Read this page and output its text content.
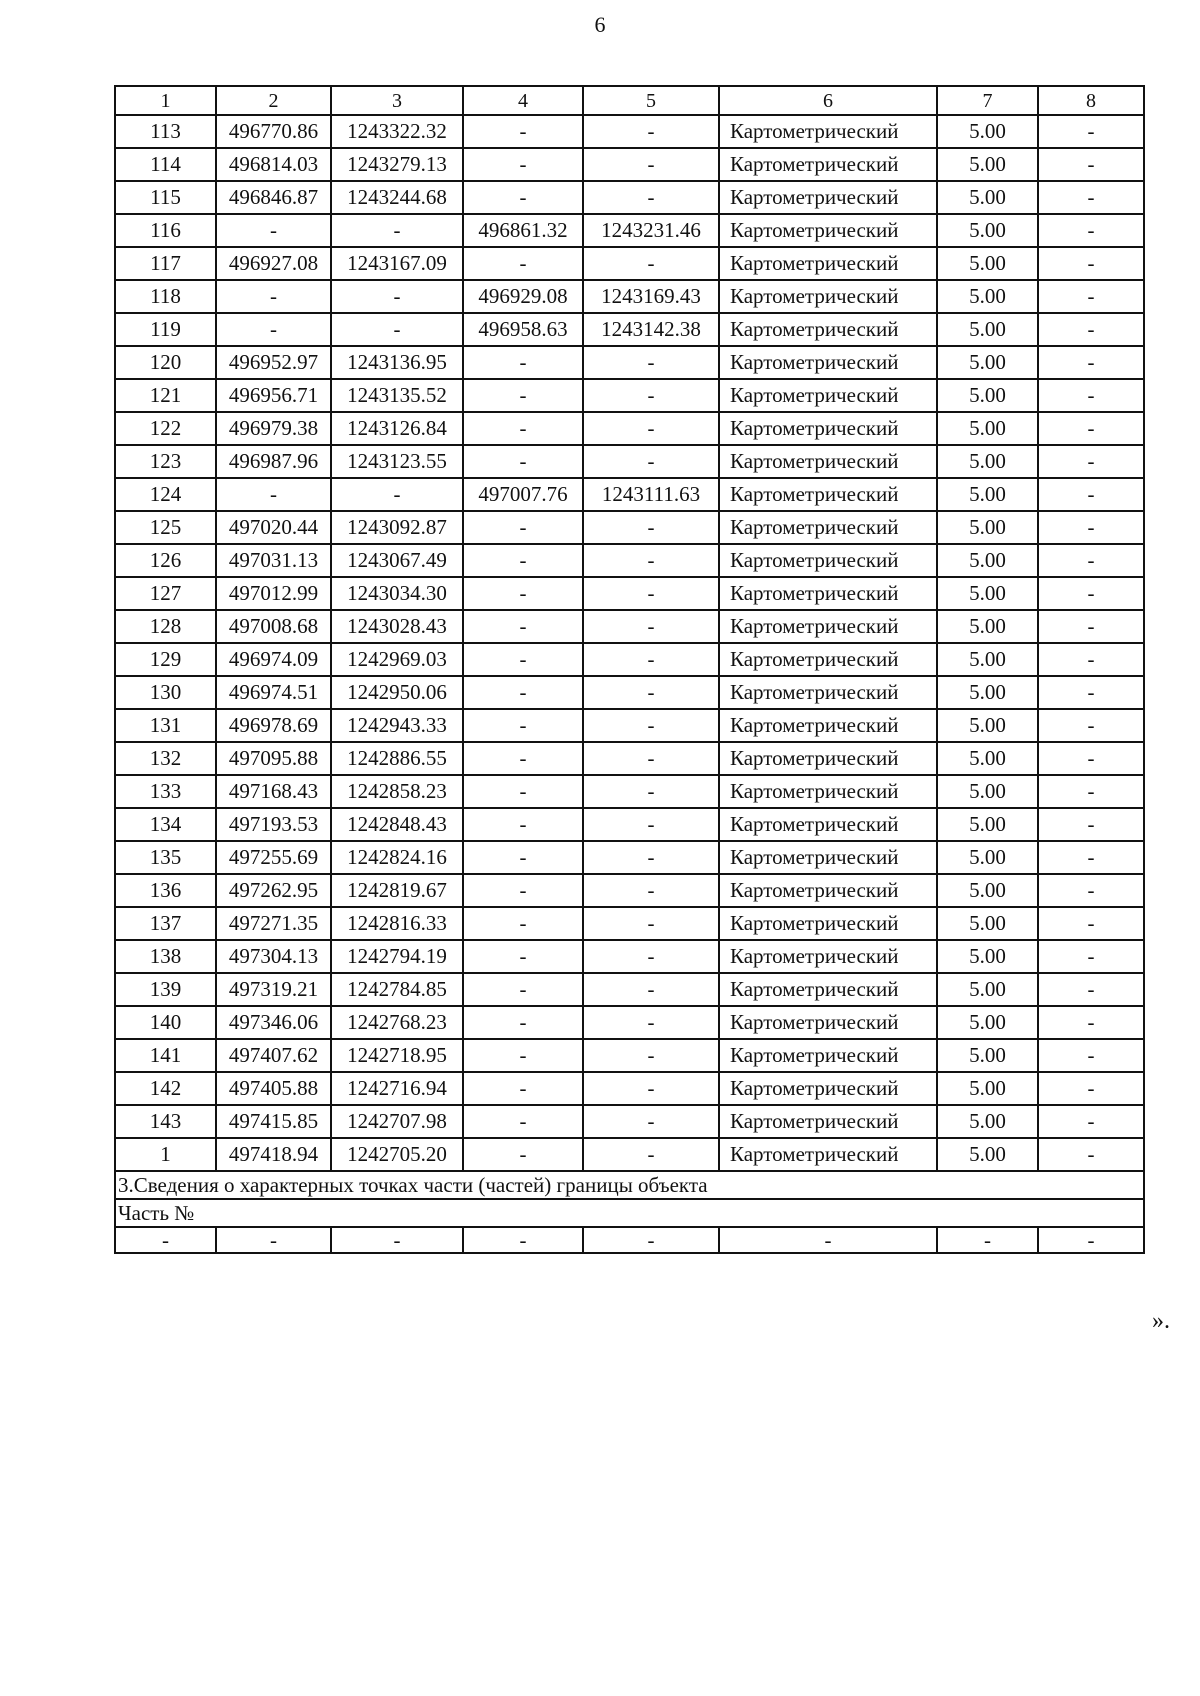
6
1	2	3	4	5	6	7	8
113	496770.86	1243322.32	-	-	Картометрический	5.00	-
114	496814.03	1243279.13	-	-	Картометрический	5.00	-
115	496846.87	1243244.68	-	-	Картометрический	5.00	-
116	-	-	496861.32	1243231.46	Картометрический	5.00	-
117	496927.08	1243167.09	-	-	Картометрический	5.00	-
118	-	-	496929.08	1243169.43	Картометрический	5.00	-
119	-	-	496958.63	1243142.38	Картометрический	5.00	-
120	496952.97	1243136.95	-	-	Картометрический	5.00	-
121	496956.71	1243135.52	-	-	Картометрический	5.00	-
122	496979.38	1243126.84	-	-	Картометрический	5.00	-
123	496987.96	1243123.55	-	-	Картометрический	5.00	-
124	-	-	497007.76	1243111.63	Картометрический	5.00	-
125	497020.44	1243092.87	-	-	Картометрический	5.00	-
126	497031.13	1243067.49	-	-	Картометрический	5.00	-
127	497012.99	1243034.30	-	-	Картометрический	5.00	-
128	497008.68	1243028.43	-	-	Картометрический	5.00	-
129	496974.09	1242969.03	-	-	Картометрический	5.00	-
130	496974.51	1242950.06	-	-	Картометрический	5.00	-
131	496978.69	1242943.33	-	-	Картометрический	5.00	-
132	497095.88	1242886.55	-	-	Картометрический	5.00	-
133	497168.43	1242858.23	-	-	Картометрический	5.00	-
134	497193.53	1242848.43	-	-	Картометрический	5.00	-
135	497255.69	1242824.16	-	-	Картометрический	5.00	-
136	497262.95	1242819.67	-	-	Картометрический	5.00	-
137	497271.35	1242816.33	-	-	Картометрический	5.00	-
138	497304.13	1242794.19	-	-	Картометрический	5.00	-
139	497319.21	1242784.85	-	-	Картометрический	5.00	-
140	497346.06	1242768.23	-	-	Картометрический	5.00	-
141	497407.62	1242718.95	-	-	Картометрический	5.00	-
142	497405.88	1242716.94	-	-	Картометрический	5.00	-
143	497415.85	1242707.98	-	-	Картометрический	5.00	-
1	497418.94	1242705.20	-	-	Картометрический	5.00	-
3.Сведения о характерных точках части (частей) границы объекта							
Часть №							
-	-	-	-	-	-	-	-
».
